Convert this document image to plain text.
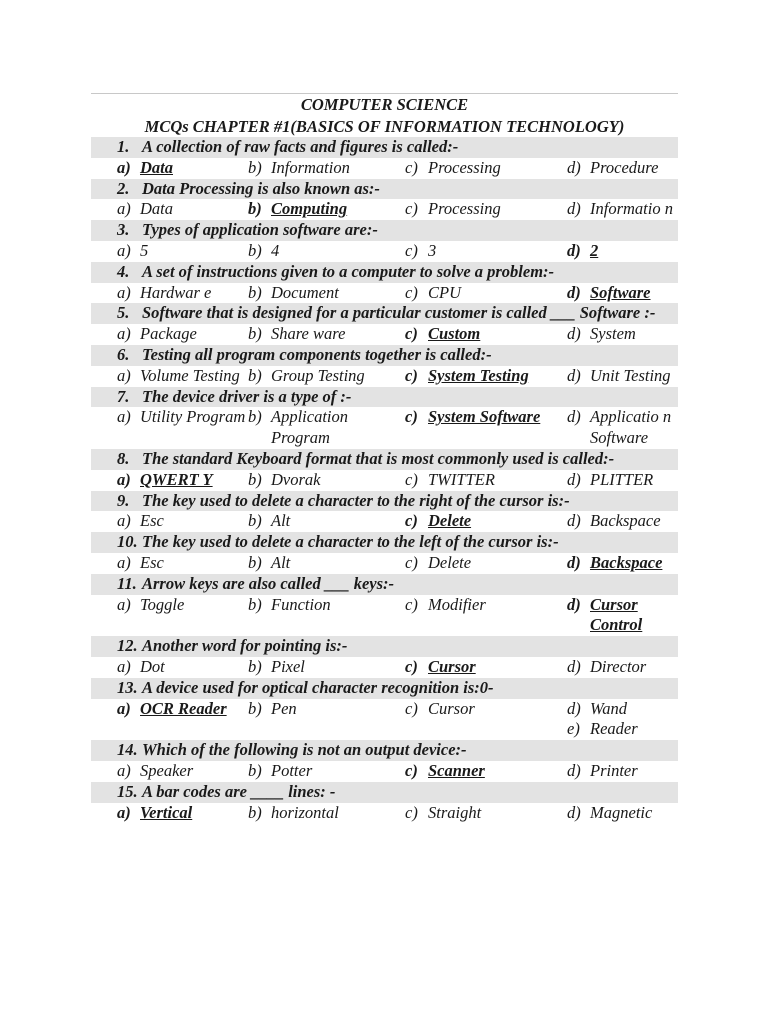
COMPUTER SCIENCE
MCQs CHAPTER #1(BASICS OF INFORMATION TECHNOLOGY)
1. A collection of raw facts and figures is called:-
a) Data	b) Information	c) Processing	d) Procedure
2. Data Processing is also known as:-
a) Data	b) Computing	c) Processing	d) Informatio n
3. Types of application software are:-
a) 5	b) 4	c) 3	d) 2
4. A set of instructions given to a computer to solve a problem:-
a) Hardwar e	b) Document	c) CPU	d) Software
5. Software that is designed for a particular customer is called ___ Software :-
a) Package	b) Share ware	c) Custom	d) System
6. Testing all program components together is called:-
a) Volume Testing b) Group Testing	c) System Testing	d) Unit Testing
7. The device driver is a type of :-
a) Utility Program b) Application Program
c) System Software	d) Applicatio n Software
8. The standard Keyboard format that is most commonly used is called:-
a) QWERT Y	b) Dvorak	c) TWITTER	d) PLITTER
9. The key used to delete a character to the right of the cursor is:-
a) Esc	b) Alt	c) Delete	d) Backspace
10. The key used to delete a character to the left of the cursor is:-
a) Esc	b) Alt	c) Delete	d) Backspace
11. Arrow keys are also called ___ keys:-
a) Toggle	b) Function	c) Modifier	d) Cursor Control
12. Another word for pointing is:-
a) Dot	b) Pixel	c) Cursor	d) Director
13. A device used for optical character recognition is:0-
a) OCR Reader	b) Pen	c) Cursor	d) Wand
e) Reader
14. Which of the following is not an output device:-
a) Speaker	b) Potter	c) Scanner	d) Printer
15. A bar codes are ____ lines: -
a) Vertical	b) horizontal	c) Straight	d) Magnetic
